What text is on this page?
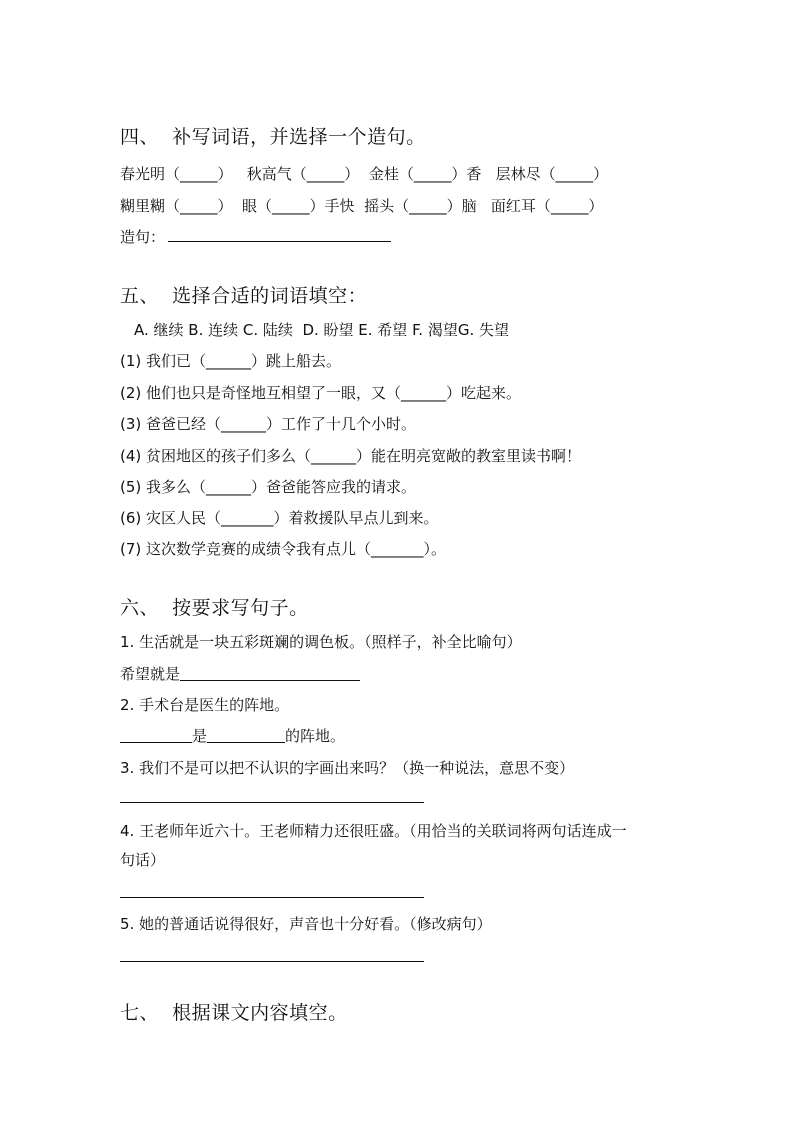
四、  补写词语，并选择一个造句。
春光明（_____）   秋高气（_____）  金桂（_____）香   层林尽（_____）
糊里糊（_____）  眼（_____）手快  摇头（_____）脑   面红耳（_____）
造句：
五、  选择合适的词语填空：
A. 继续 B. 连续 C. 陆续  D. 盼望 E. 希望 F. 渴望G. 失望
(1) 我们已（______）跳上船去。
(2) 他们也只是奇怪地互相望了一眼，又（______）吃起来。
(3) 爸爸已经（______）工作了十几个小时。
(4) 贫困地区的孩子们多么（______）能在明亮宽敞的教室里读书啊！
(5) 我多么（______）爸爸能答应我的请求。
(6) 灾区人民（_______）着救援队早点儿到来。
(7) 这次数学竞赛的成绩令我有点儿（_______）。
六、  按要求写句子。
1. 生活就是一块五彩斑斓的调色板。（照样子，补全比喻句）
希望就是
2. 手术台是医生的阵地。
是	的阵地。
3. 我们不是可以把不认识的字画出来吗？（换一种说法，意思不变）
4. 王老师年近六十。王老师精力还很旺盛。（用恰当的关联词将两句话连成一
句话）
5. 她的普通话说得很好，声音也十分好看。（修改病句）
七、  根据课文内容填空。
